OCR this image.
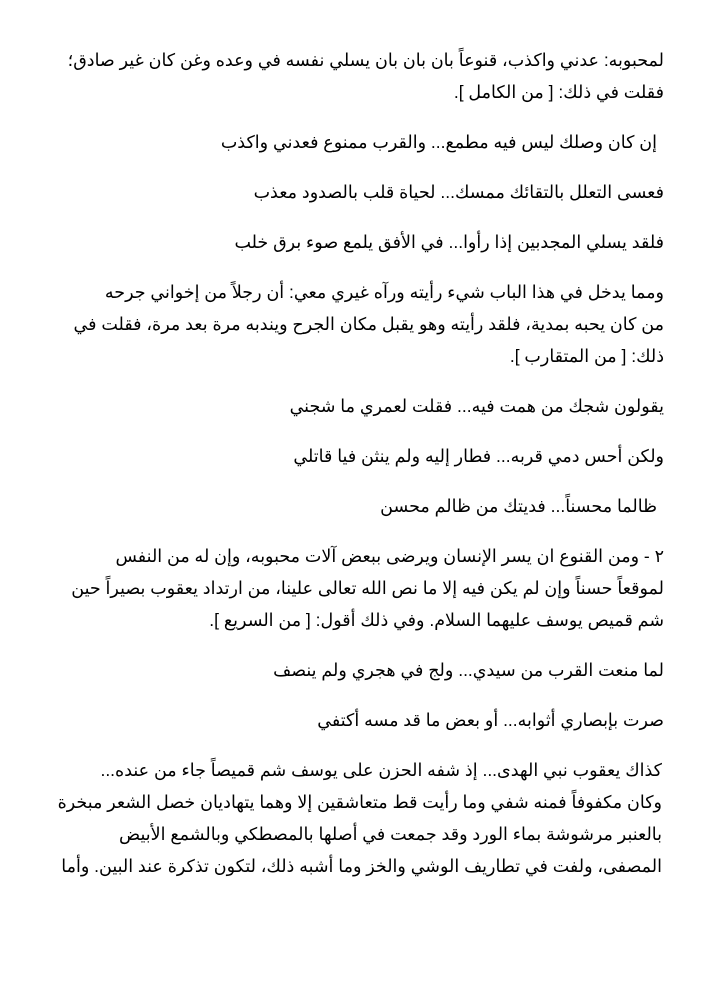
لمحبوبه: عدني واكذب، قنوعاً بان بان بان يسلي نفسه في وعده وغن كان غير صادق؛
فقلت في ذلك: [ من الكامل ].

إن كان وصلك ليس فيه مطمع... والقرب ممنوع فعدني واكذب

فعسى التعلل بالتقائك ممسك... لحياة قلب بالصدود معذب

فلقد يسلي المجدبين إذا رأوا... في الأفق يلمع صوء برق خلب

ومما يدخل في هذا الباب شيء رأيته ورآه غيري معي: أن رجلاً من إخواني جرحه
من كان يحبه بمدية، فلقد رأيته وهو يقبل مكان الجرح ويندبه مرة بعد مرة، فقلت في
ذلك: [ من المتقارب ].

يقولون شجك من همت فيه... فقلت لعمري ما شجني

ولكن أحس دمي قربه... فطار إليه ولم ينثن فيا قاتلي

ظالما محسناً... فديتك من ظالم محسن

٢ - ومن القنوع ان يسر الإنسان ويرضى ببعض آلات محبوبه، وإن له من النفس
لموقعاً حسناً وإن لم يكن فيه إلا ما نص الله تعالى علينا، من ارتداد يعقوب بصيراً حين
شم قميص يوسف عليهما السلام. وفي ذلك أقول: [ من السريع ].

لما منعت القرب من سيدي... ولج في هجري ولم ينصف

صرت بإبصاري أثوابه... أو بعض ما قد مسه أكتفي

كذاك يعقوب نبي الهدى... إذ شفه الحزن على يوسف شم قميصاً جاء من عنده...
وكان مكفوفاً فمنه شفي وما رأيت قط متعاشقين إلا وهما يتهاديان خصل الشعر مبخرة
بالعنبر مرشوشة بماء الورد وقد جمعت في أصلها بالمصطكي وبالشمع الأبيض
المصفى، ولفت في تطاريف الوشي والخز وما أشبه ذلك، لتكون تذكرة عند البين. وأما
